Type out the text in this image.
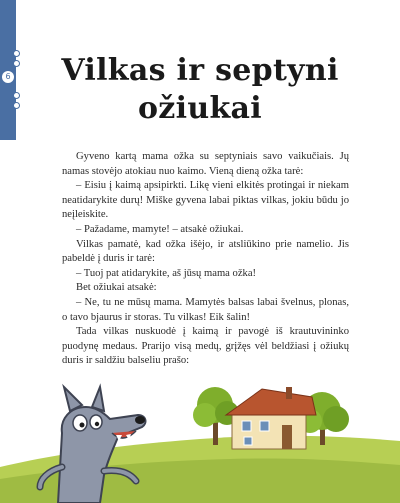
6	Vilkas ir septyni
ožiukai

Gyveno kartą mama ožka su septyniais savo vaikučiais. Jų namas stovėjo atokiau nuo kaimo. Vieną dieną ožka tarė:

– Eisiu į kaimą apsipirkti. Likę vieni elkitės protingai ir niekam neatidarykite durų! Miške gyvena labai piktas vilkas, jokiu būdu jo neįleiskite.

– Pažadame, mamyte! – atsakė ožiukai.

Vilkas pamatė, kad ožka išėjo, ir atsliūkino prie namelio. Jis pabeldė į duris ir tarė:

– Tuoj pat atidarykite, aš jūsų mama ožka!

Bet ožiukai atsakė:

– Ne, tu ne mūsų mama. Mamytės balsas labai švelnus, plonas, o tavo bjaurus ir storas. Tu vilkas! Eik šalin!

Tada vilkas nuskuodė į kaimą ir pavogė iš krautuvininko puodynę medaus. Prarijo visą medų, grįžęs vėl beldžiasi į ožiukų duris ir saldžiu balseliu prašo:
